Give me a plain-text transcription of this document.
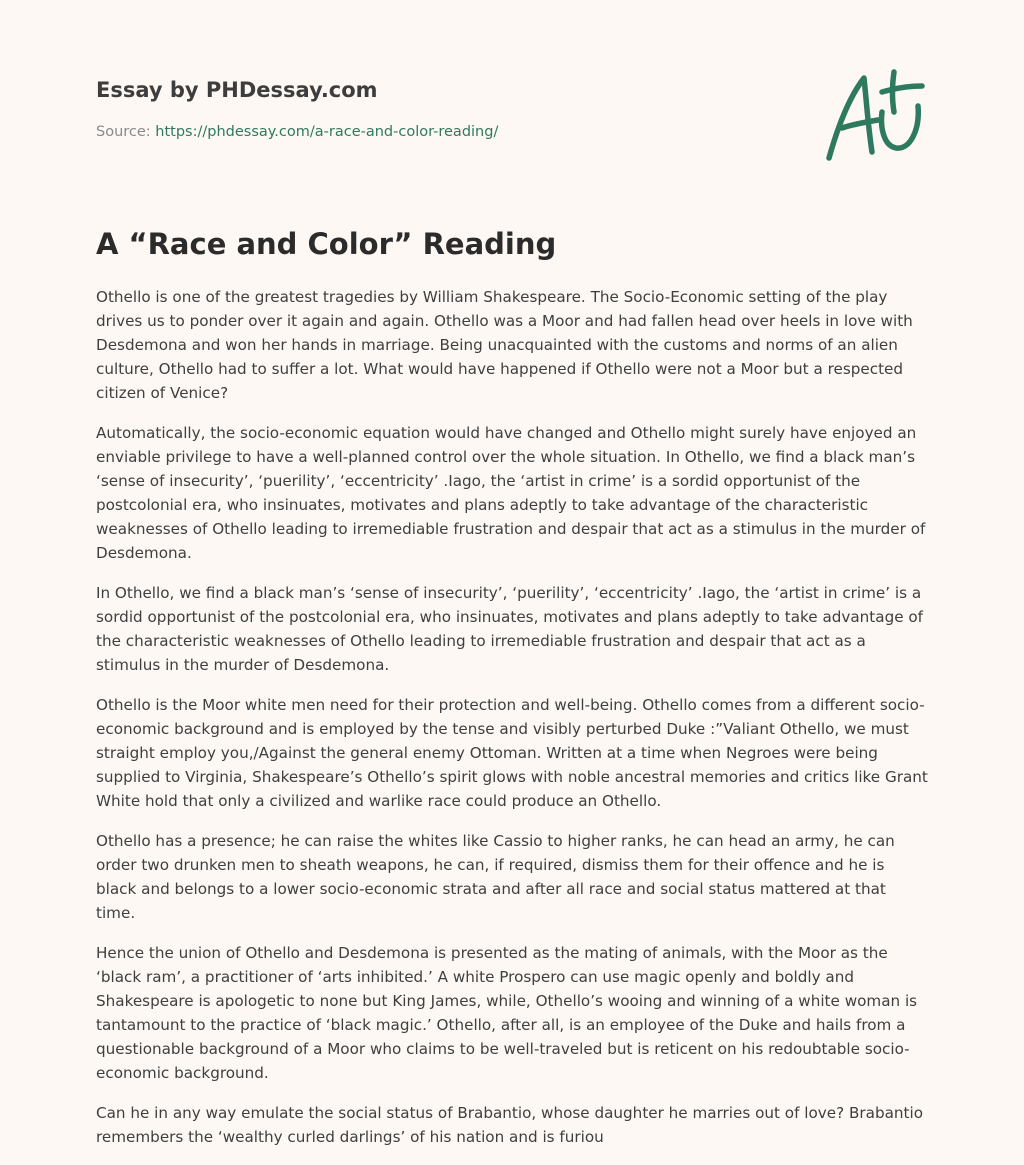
Essay by PHDessay.com
Source: https://phdessay.com/a-race-and-color-reading/
A “Race and Color” Reading

Othello is one of the greatest tragedies by William Shakespeare. The Socio-Economic setting of the play drives us to ponder over it again and again. Othello was a Moor and had fallen head over heels in love with Desdemona and won her hands in marriage. Being unacquainted with the customs and norms of an alien culture, Othello had to suffer a lot. What would have happened if Othello were not a Moor but a respected citizen of Venice?

Automatically, the socio-economic equation would have changed and Othello might surely have enjoyed an enviable privilege to have a well-planned control over the whole situation. In Othello, we find a black man’s ‘sense of insecurity’, ‘puerility’, ‘eccentricity’ .Iago, the ‘artist in crime’ is a sordid opportunist of the postcolonial era, who insinuates, motivates and plans adeptly to take advantage of the characteristic weaknesses of Othello leading to irremediable frustration and despair that act as a stimulus in the murder of Desdemona.

In Othello, we find a black man’s ‘sense of insecurity’, ‘puerility’, ‘eccentricity’ .Iago, the ‘artist in crime’ is a sordid opportunist of the postcolonial era, who insinuates, motivates and plans adeptly to take advantage of the characteristic weaknesses of Othello leading to irremediable frustration and despair that act as a stimulus in the murder of Desdemona.

Othello is the Moor white men need for their protection and well-being. Othello comes from a different socio-economic background and is employed by the tense and visibly perturbed Duke :”Valiant Othello, we must straight employ you,/Against the general enemy Ottoman. Written at a time when Negroes were being supplied to Virginia, Shakespeare’s Othello’s spirit glows with noble ancestral memories and critics like Grant White hold that only a civilized and warlike race could produce an Othello.

Othello has a presence; he can raise the whites like Cassio to higher ranks, he can head an army, he can order two drunken men to sheath weapons, he can, if required, dismiss them for their offence and he is black and belongs to a lower socio-economic strata and after all race and social status mattered at that time.

Hence the union of Othello and Desdemona is presented as the mating of animals, with the Moor as the ‘black ram’, a practitioner of ‘arts inhibited.’ A white Prospero can use magic openly and boldly and Shakespeare is apologetic to none but King James, while, Othello’s wooing and winning of a white woman is tantamount to the practice of ‘black magic.’ Othello, after all, is an employee of the Duke and hails from a questionable background of a Moor who claims to be well-traveled but is reticent on his redoubtable socio-economic background.

Can he in any way emulate the social status of Brabantio, whose daughter he marries out of love? Brabantio remembers the ‘wealthy curled darlings’ of his nation and is furiou
